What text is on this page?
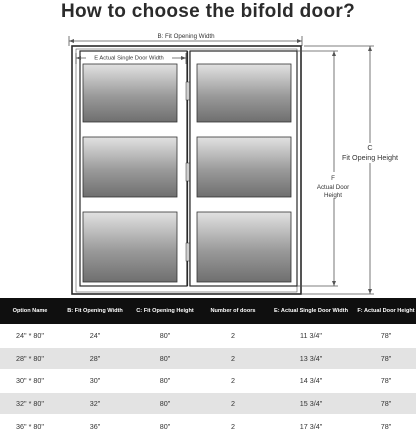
How to choose the bifold door?
B: Fit Opening Width
E Actual Single Door Width
C
Fit Opeing Height
F
Actual Door
Height
Option Name	B: Fit Opening Width	C: Fit Opening Height	Number of doors	E: Actual Single Door Width	F: Actual Door Height
24" * 80"	24"	80"	2	11 3/4"	78"
28" * 80"	28"	80"	2	13 3/4"	78"
30" * 80"	30"	80"	2	14 3/4"	78"
32" * 80"	32"	80"	2	15 3/4"	78"
36" * 80"	36"	80"	2	17 3/4"	78"
